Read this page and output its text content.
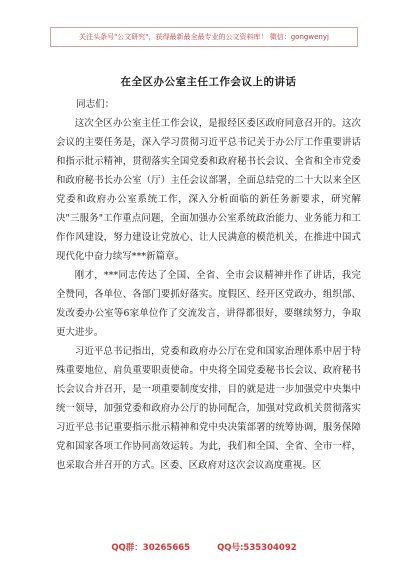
关注头条号"公文研究"，获得最新最全最专业的公文资料库！ 微信：gongwenyj
在全区办公室主任工作会议上的讲话
同志们：

这次全区办公室主任工作会议，是报经区委区政府同意召开的。这次会议的主要任务是，深入学习贯彻习近平总书记关于办公厅工作重要讲话和指示批示精神，贯彻落实全国党委和政府秘书长会议、全省和全市党委和政府秘书长办公室（厅）主任会议部署，全面总结党的二十大以来全区党委和政府办公室系统工作，深入分析面临的新任务新要求，研究解决"三服务"工作重点问题，全面加强办公室系统政治能力、业务能力和工作作风建设，努力建设让党放心、让人民满意的模范机关，在推进中国式现代化中奋力续写***新篇章。

刚才，***同志传达了全国、全省、全市会议精神并作了讲话，我完全赞同，各单位、各部门要抓好落实。度假区、经开区党政办，组织部、发改委办公室等6家单位作了交流发言，讲得都很好，要继续努力，争取更大进步。

习近平总书记指出，党委和政府办公厅在党和国家治理体系中居于特殊重要地位、肩负重要职责使命。中央将全国党委秘书长会议、政府秘书长会议合并召开，是一项重要制度安排，目的就是进一步加强党中央集中统一领导，加强党委和政府办公厅的协同配合，加强对党政机关贯彻落实习近平总书记重要指示批示精神和党中央决策部署的统筹协调，服务保障党和国家各项工作协同高效运转。为此，我们和全国、全省、全市一样，也采取合并召开的方式。区委、区政府对这次会议高度重视。区

QQ群：30265665	QQ号:535304092
